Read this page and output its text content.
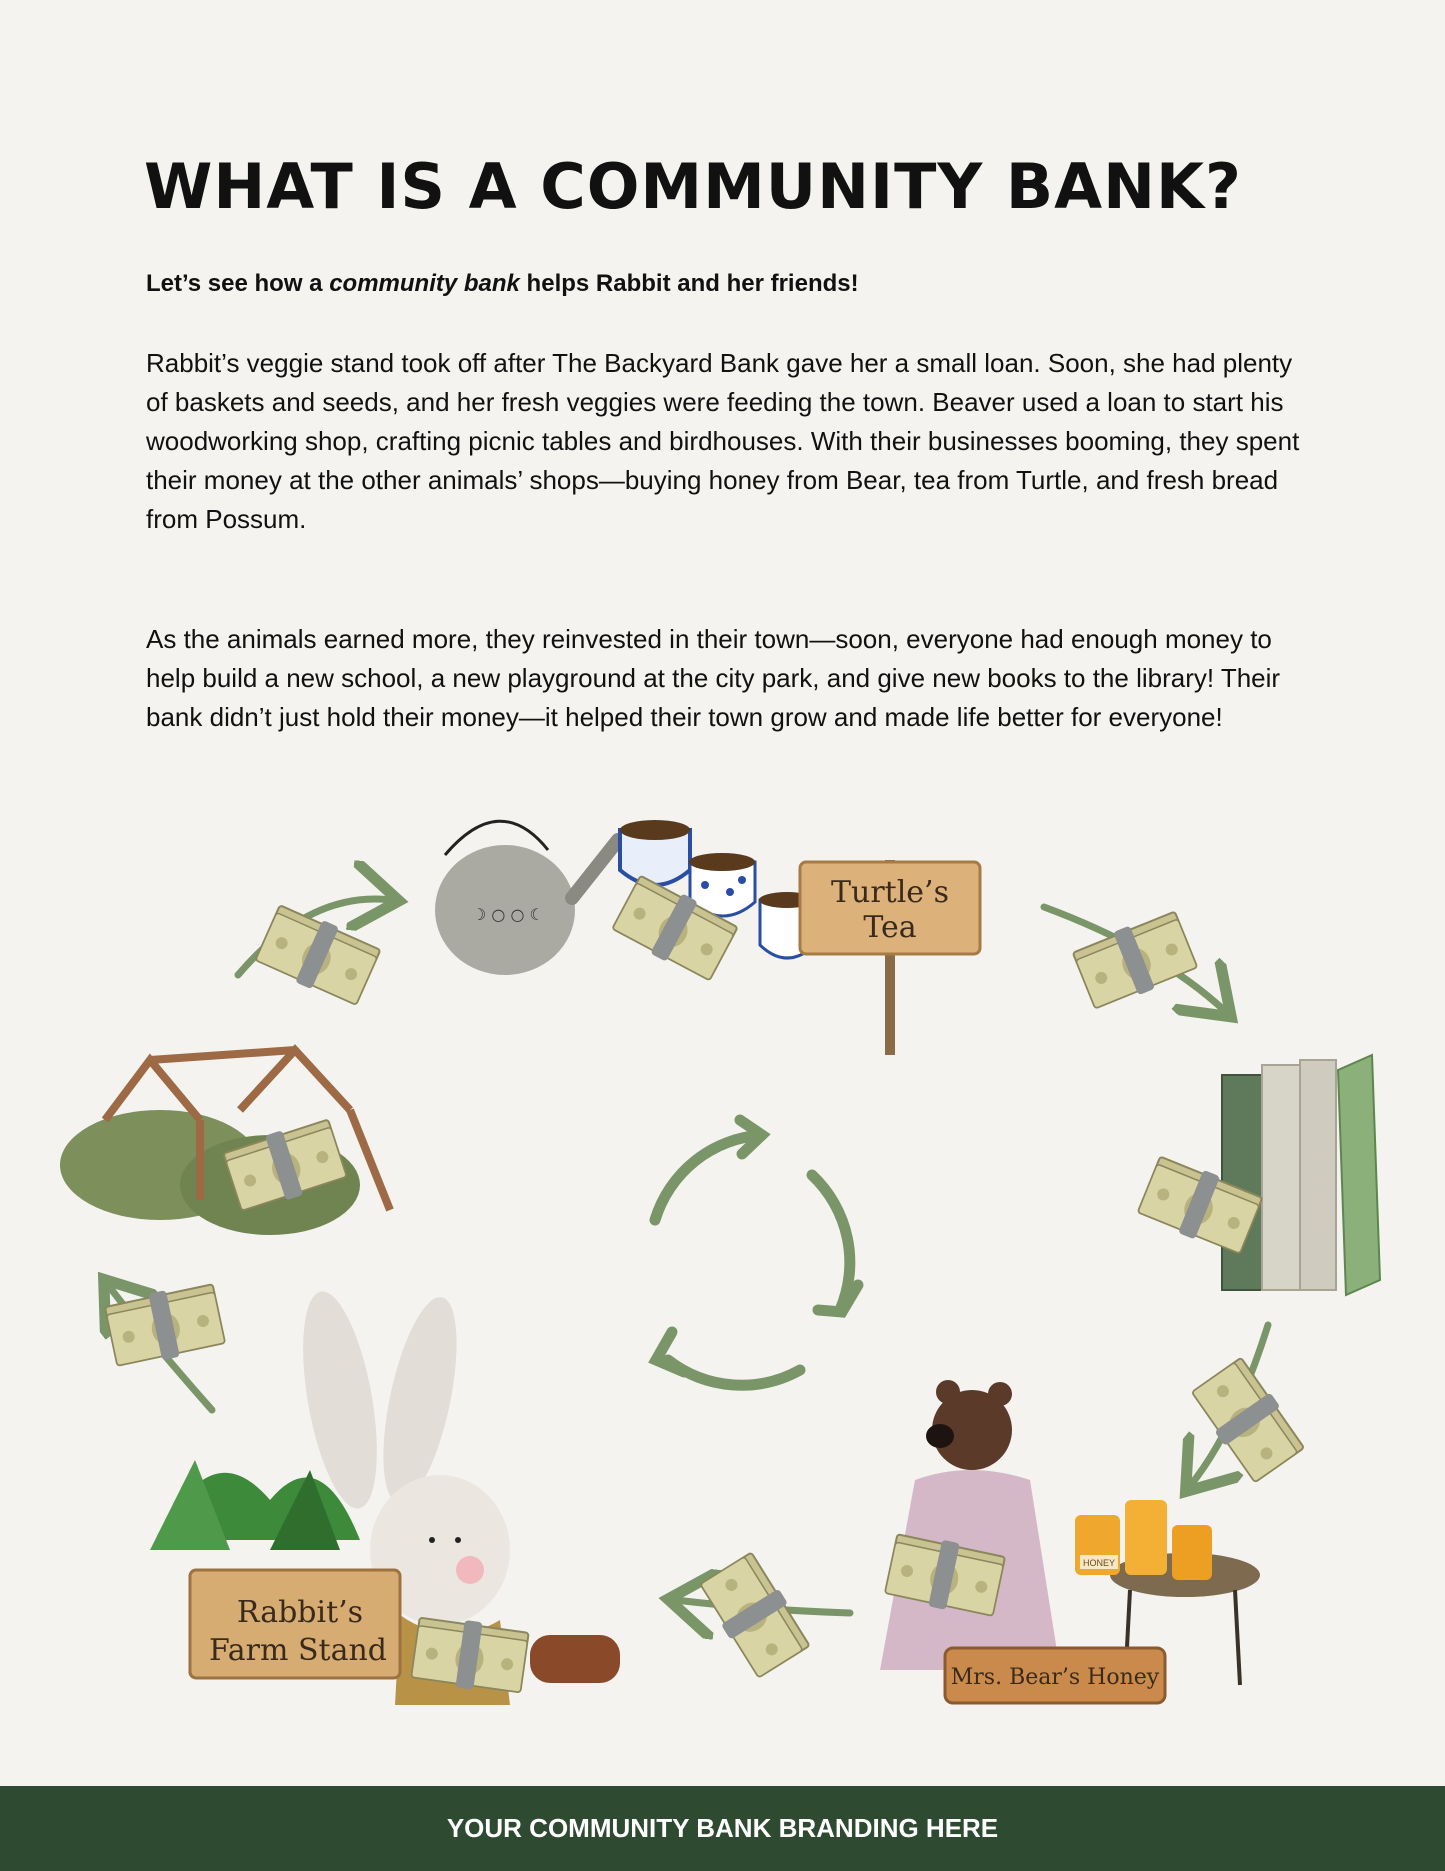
WHAT IS A COMMUNITY BANK?

Let’s see how a community bank helps Rabbit and her friends!

Rabbit’s veggie stand took off after The Backyard Bank gave her a small loan. Soon, she had plenty of baskets and seeds, and her fresh veggies were feeding the town. Beaver used a loan to start his woodworking shop, crafting picnic tables and birdhouses. With their businesses booming, they spent their money at the other animals’ shops—buying honey from Bear, tea from Turtle, and fresh bread from Possum.

As the animals earned more, they reinvested in their town—soon, everyone had enough money to help build a new school, a new playground at the city park, and give new books to the library! Their bank didn’t just hold their money—it helped their town grow and made life better for everyone!

☽ ○ ○ ☾
Turtle’s
Tea
HONEY
Mrs. Bear’s Honey
Rabbit’s
Farm Stand
YOUR COMMUNITY BANK BRANDING HERE
